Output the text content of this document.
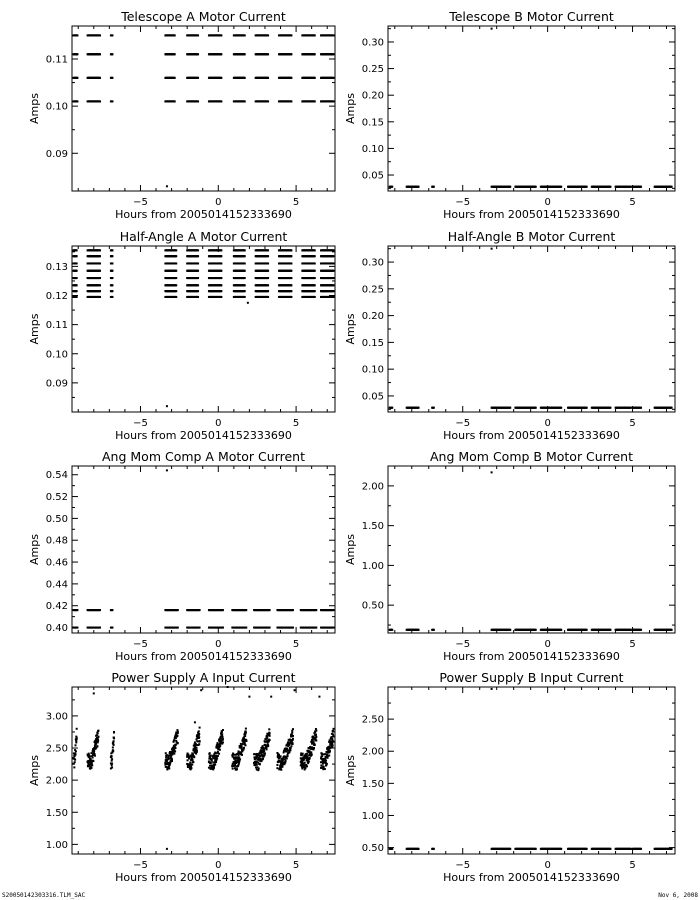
Telescope A Motor Current
Hours from 2005014152333690
Amps
−5	0	5
0.09
0.10
0.11
Telescope B Motor Current
Hours from 2005014152333690
Amps
−5	0	5
0.05
0.10
0.15
0.20
0.25
0.30
Half-Angle A Motor Current
Hours from 2005014152333690
Amps
−5	0	5
0.09
0.10
0.11
0.12
0.13
Half-Angle B Motor Current
Hours from 2005014152333690
Amps
−5	0	5
0.05
0.10
0.15
0.20
0.25
0.30
Ang Mom Comp A Motor Current
Hours from 2005014152333690
Amps
−5	0	5
0.40
0.42
0.44
0.46
0.48
0.50
0.52
0.54
Ang Mom Comp B Motor Current
Hours from 2005014152333690
Amps
−5	0	5
0.50
1.00
1.50
2.00
Power Supply A Input Current
Hours from 2005014152333690
Amps
−5	0	5
1.00
1.50
2.00
2.50
3.00
Power Supply B Input Current
Hours from 2005014152333690
Amps
−5	0	5
0.50
1.00
1.50
2.00
2.50
S20050142303316.TLM_SAC	Nov 6, 2008
